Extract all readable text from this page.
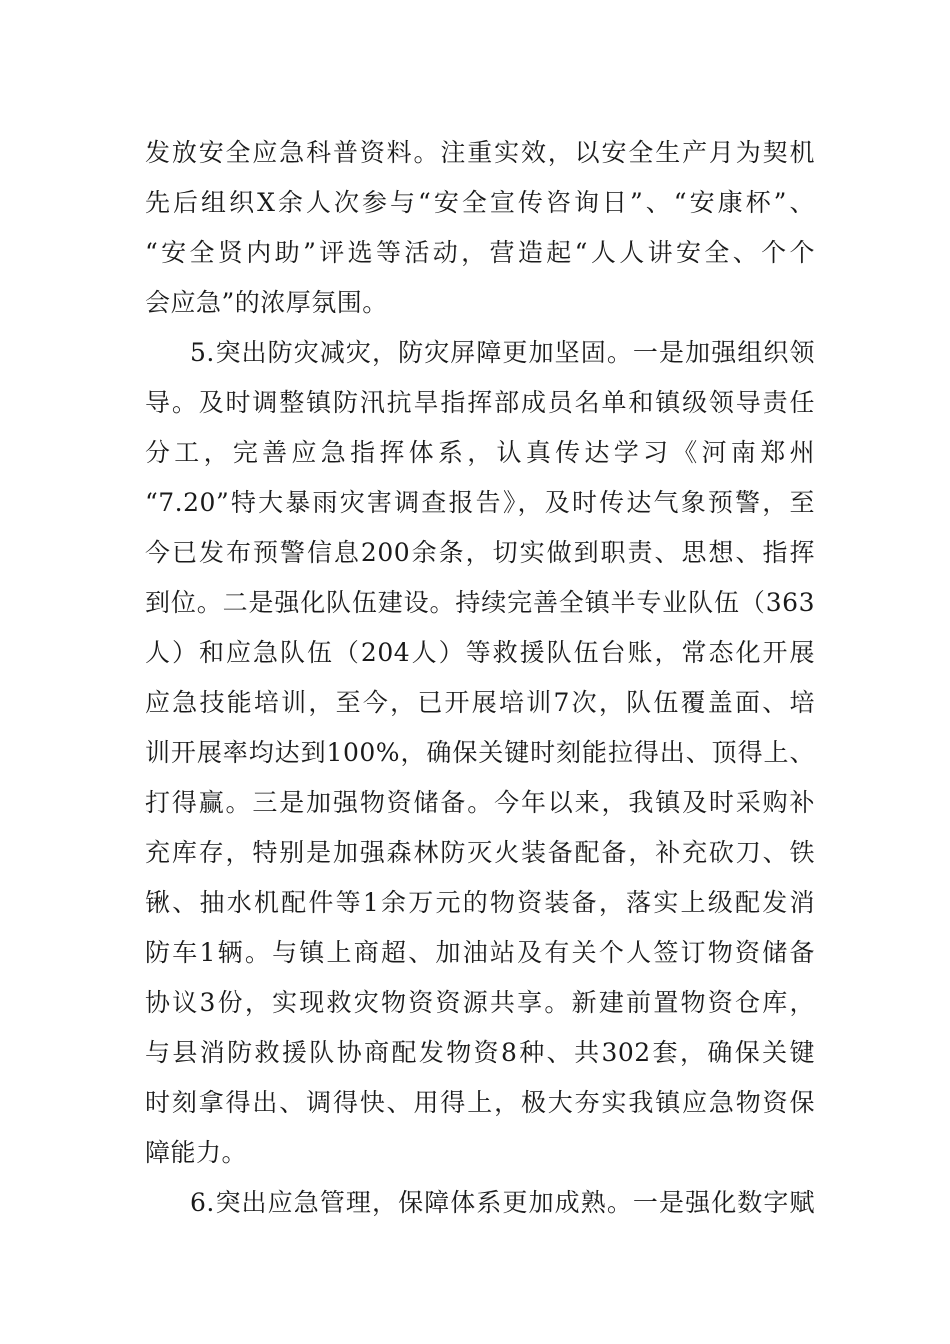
发放安全应急科普资料。注重实效，以安全生产月为契机
先后组织X余人次参与“安全宣传咨询日”、“安康杯”、
“安全贤内助”评选等活动，营造起“人人讲安全、个个
会应急”的浓厚氛围。
5.突出防灾减灾，防灾屏障更加坚固。一是加强组织领
导。及时调整镇防汛抗旱指挥部成员名单和镇级领导责任
分工，完善应急指挥体系，认真传达学习《河南郑州
“7.20”特大暴雨灾害调查报告》，及时传达气象预警，至
今已发布预警信息200余条，切实做到职责、思想、指挥
到位。二是强化队伍建设。持续完善全镇半专业队伍（363
人）和应急队伍（204人）等救援队伍台账，常态化开展
应急技能培训，至今，已开展培训7次，队伍覆盖面、培
训开展率均达到100%，确保关键时刻能拉得出、顶得上、
打得赢。三是加强物资储备。今年以来，我镇及时采购补
充库存，特别是加强森林防灭火装备配备，补充砍刀、铁
锹、抽水机配件等1余万元的物资装备，落实上级配发消
防车1辆。与镇上商超、加油站及有关个人签订物资储备
协议3份，实现救灾物资资源共享。新建前置物资仓库，
与县消防救援队协商配发物资8种、共302套，确保关键
时刻拿得出、调得快、用得上，极大夯实我镇应急物资保
障能力。
6.突出应急管理，保障体系更加成熟。一是强化数字赋
